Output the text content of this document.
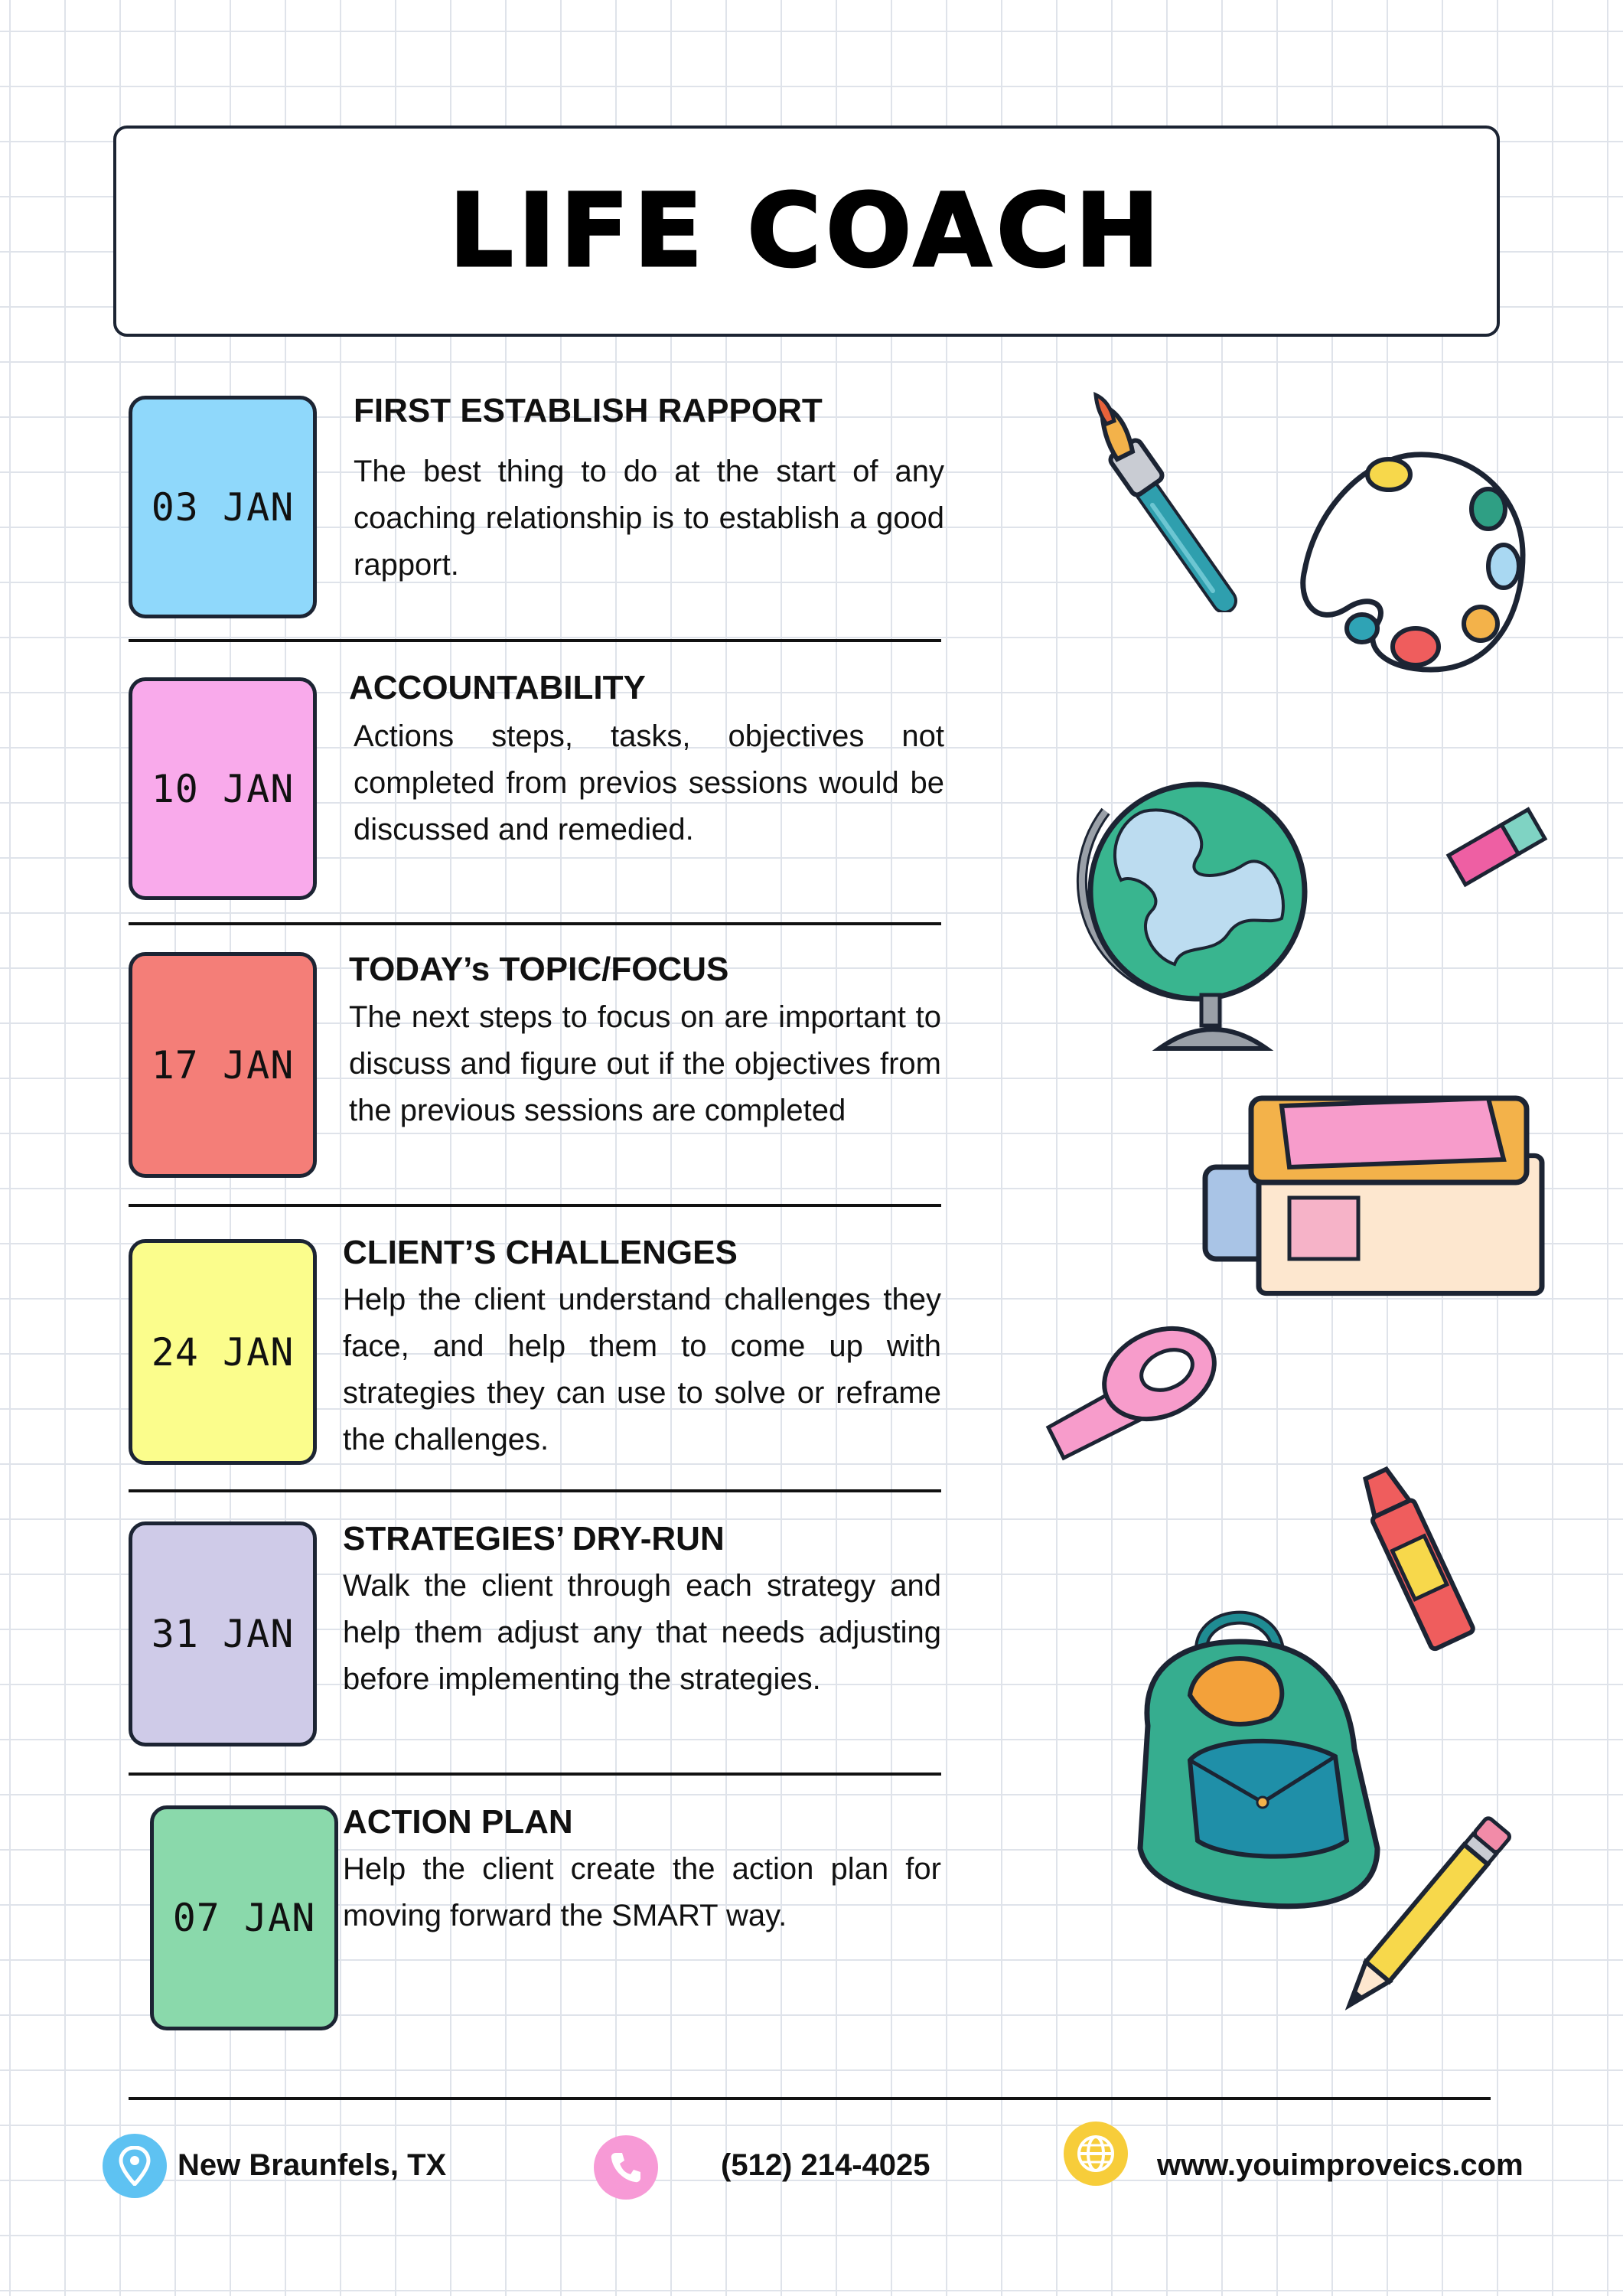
LIFE COACH
03 JAN
FIRST ESTABLISH RAPPORT

The best thing to do at the start of any coaching relationship is to establish a good rapport.

10 JAN
ACCOUNTABILITY

Actions steps, tasks, objectives not completed from previos sessions would be discussed and remedied.

17 JAN
TODAY’s TOPIC/FOCUS

The next steps to focus on are important to discuss and figure out if the objectives from the previous sessions are completed

24 JAN
CLIENT’S CHALLENGES

Help the client understand challenges they face, and help them to come up with strategies they can use to solve or reframe the challenges.

31 JAN
STRATEGIES’ DRY-RUN

Walk the client through each strategy and help them adjust any that needs adjusting before implementing the strategies.

07 JAN
ACTION PLAN

Help the client create the action plan for moving forward the SMART way.

New Braunfels, TX	(512) 214-4025	www.youimproveics.com
